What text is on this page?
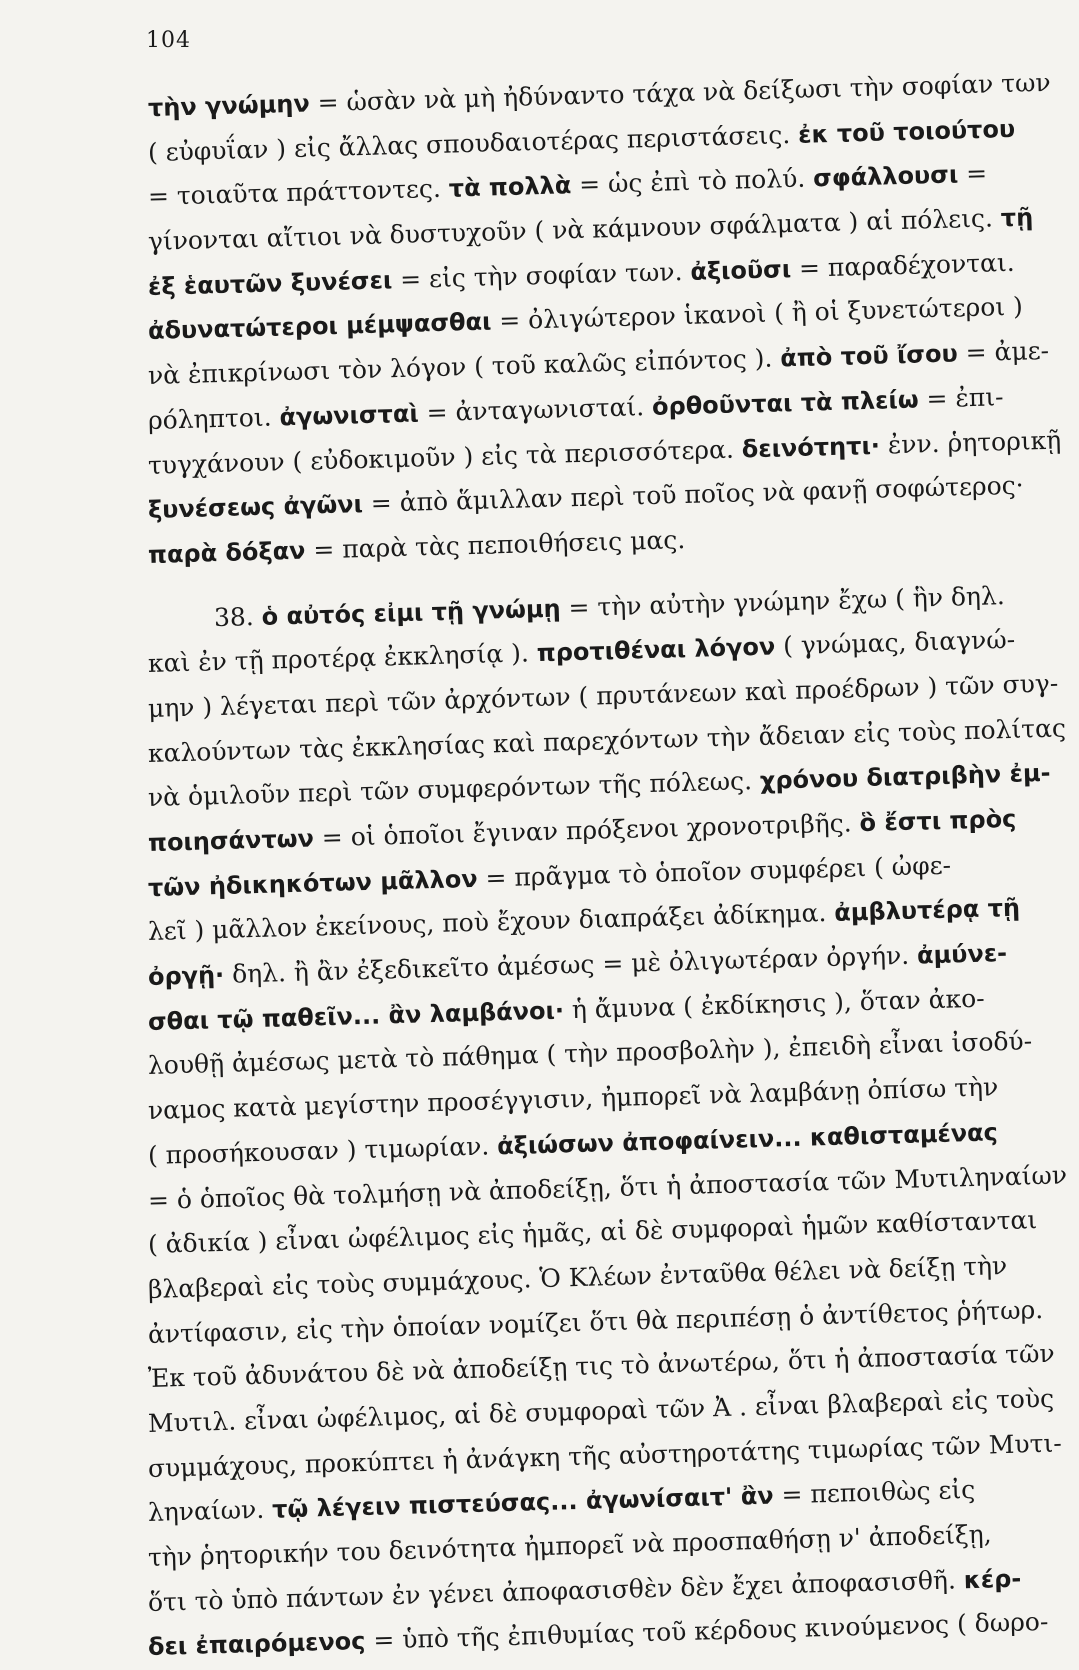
104
τὴν γνώμην = ὡσὰν νὰ μὴ ἠδύναντο τάχα νὰ δείξωσι τὴν σοφίαν των
( εὐφυΐαν ) εἰς ἄλλας σπουδαιοτέρας περιστάσεις. ἐκ τοῦ τοιούτου
= τοιαῦτα πράττοντες. τὰ πολλὰ = ὡς ἐπὶ τὸ πολύ. σφάλλουσι =
γίνονται αἴτιοι νὰ δυστυχοῦν ( νὰ κάμνουν σφάλματα ) αἱ πόλεις. τῇ
ἐξ ἑαυτῶν ξυνέσει = εἰς τὴν σοφίαν των. ἀξιοῦσι = παραδέχονται.
ἀδυνατώτεροι μέμψασθαι = ὀλιγώτερον ἱκανοὶ ( ἢ οἱ ξυνετώτεροι )
νὰ ἐπικρίνωσι τὸν λόγον ( τοῦ καλῶς εἰπόντος ). ἀπὸ τοῦ ἴσου = ἀμε-
ρόληπτοι. ἀγωνισταὶ = ἀνταγωνισταί. ὀρθοῦνται τὰ πλείω = ἐπι-
τυγχάνουν ( εὐδοκιμοῦν ) εἰς τὰ περισσότερα. δεινότητι· ἐνν. ῥητορικῇ
ξυνέσεως ἀγῶνι = ἀπὸ ἅμιλλαν περὶ τοῦ ποῖος νὰ φανῇ σοφώτερος·
παρὰ δόξαν = παρὰ τὰς πεποιθήσεις μας.
38. ὁ αὐτός εἰμι τῇ γνώμῃ = τὴν αὐτὴν γνώμην ἔχω ( ἣν δηλ.
καὶ ἐν τῇ προτέρᾳ ἐκκλησίᾳ ). προτιθέναι λόγον ( γνώμας, διαγνώ-
μην ) λέγεται περὶ τῶν ἀρχόντων ( πρυτάνεων καὶ προέδρων ) τῶν συγ-
καλούντων τὰς ἐκκλησίας καὶ παρεχόντων τὴν ἄδειαν εἰς τοὺς πολίτας
νὰ ὁμιλοῦν περὶ τῶν συμφερόντων τῆς πόλεως. χρόνου διατριβὴν ἐμ-
ποιησάντων = οἱ ὁποῖοι ἔγιναν πρόξενοι χρονοτριβῆς. ὃ ἔστι πρὸς
τῶν ἠδικηκότων μᾶλλον = πρᾶγμα τὸ ὁποῖον συμφέρει ( ὠφε-
λεῖ ) μᾶλλον ἐκείνους, ποὺ ἔχουν διαπράξει ἀδίκημα. ἀμβλυτέρᾳ τῇ
ὀργῇ· δηλ. ἢ ἂν ἐξεδικεῖτο ἀμέσως = μὲ ὀλιγωτέραν ὀργήν. ἀμύνε-
σθαι τῷ παθεῖν... ἂν λαμβάνοι· ἡ ἄμυνα ( ἐκδίκησις ), ὅταν ἀκο-
λουθῇ ἀμέσως μετὰ τὸ πάθημα ( τὴν προσβολὴν ), ἐπειδὴ εἶναι ἰσοδύ-
ναμος κατὰ μεγίστην προσέγγισιν, ἠμπορεῖ νὰ λαμβάνῃ ὀπίσω τὴν
( προσήκουσαν ) τιμωρίαν. ἀξιώσων ἀποφαίνειν... καθισταμένας
= ὁ ὁποῖος θὰ τολμήσῃ νὰ ἀποδείξῃ, ὅτι ἡ ἀποστασία τῶν Μυτιληναίων
( ἀδικία ) εἶναι ὠφέλιμος εἰς ἡμᾶς, αἱ δὲ συμφοραὶ ἡμῶν καθίστανται
βλαβεραὶ εἰς τοὺς συμμάχους. Ὁ Κλέων ἐνταῦθα θέλει νὰ δείξῃ τὴν
ἀντίφασιν, εἰς τὴν ὁποίαν νομίζει ὅτι θὰ περιπέσῃ ὁ ἀντίθετος ῥήτωρ.
Ἐκ τοῦ ἀδυνάτου δὲ νὰ ἀποδείξῃ τις τὸ ἀνωτέρω, ὅτι ἡ ἀποστασία τῶν
Μυτιλ. εἶναι ὠφέλιμος, αἱ δὲ συμφοραὶ τῶν Ἀ . εἶναι βλαβεραὶ εἰς τοὺς
συμμάχους, προκύπτει ἡ ἀνάγκη τῆς αὐστηροτάτης τιμωρίας τῶν Μυτι-
ληναίων. τῷ λέγειν πιστεύσας... ἀγωνίσαιτ' ἂν = πεποιθὼς εἰς
τὴν ῥητορικήν του δεινότητα ἠμπορεῖ νὰ προσπαθήσῃ ν' ἀποδείξῃ,
ὅτι τὸ ὑπὸ πάντων ἐν γένει ἀποφασισθὲν δὲν ἔχει ἀποφασισθῆ. κέρ-
δει ἐπαιρόμενος = ὑπὸ τῆς ἐπιθυμίας τοῦ κέρδους κινούμενος ( δωρο-
